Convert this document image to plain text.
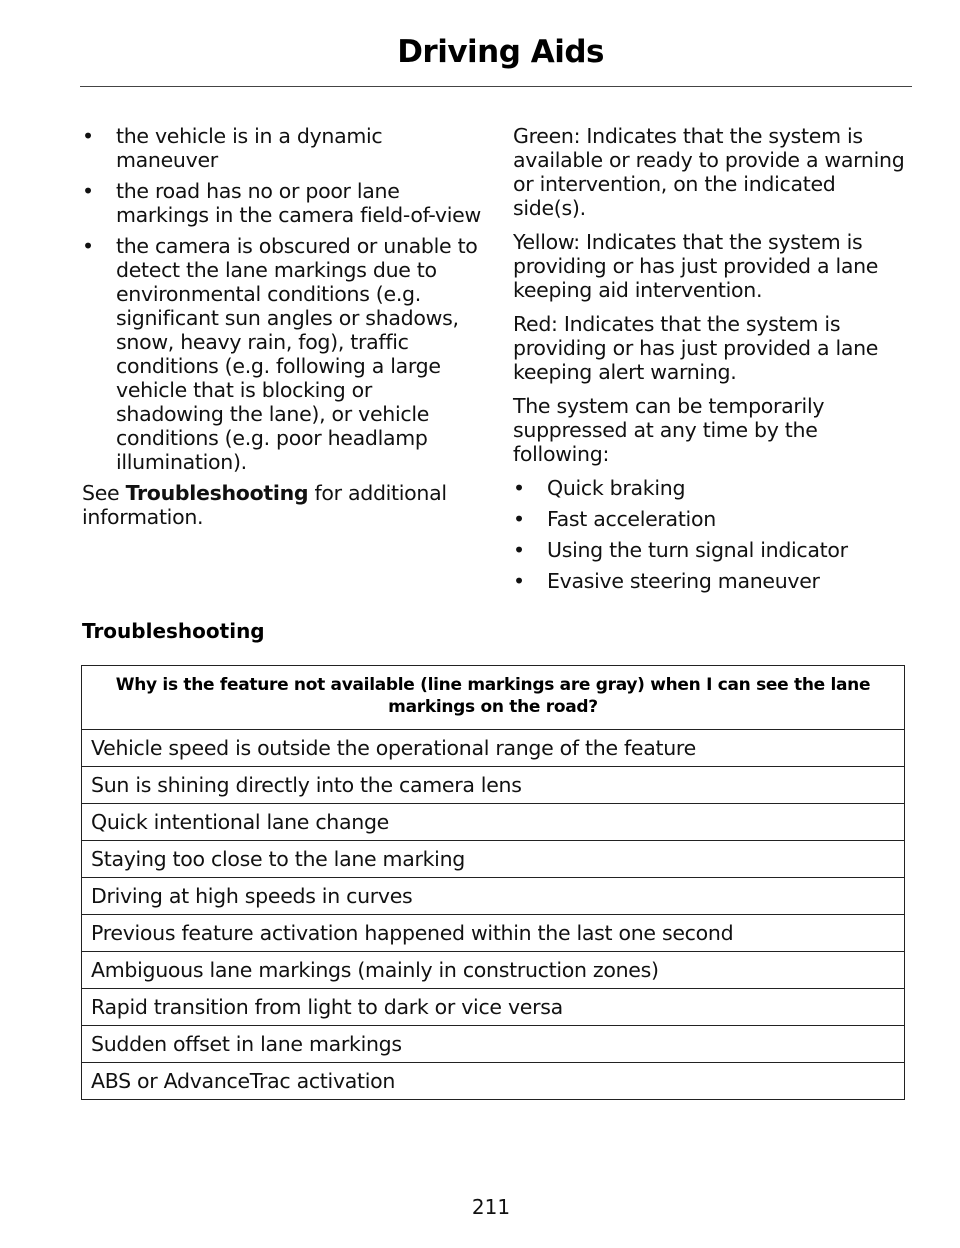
Driving Aids
•	the vehicle is in a dynamic maneuver
•	the road has no or poor lane markings in the camera field-of-view
•	the camera is obscured or unable to detect the lane markings due to environmental conditions (e.g. significant sun angles or shadows, snow, heavy rain, fog), traffic conditions (e.g. following a large vehicle that is blocking or shadowing the lane), or vehicle conditions (e.g. poor headlamp illumination).

See Troubleshooting for additional information.

Green: Indicates that the system is available or ready to provide a warning or intervention, on the indicated side(s).

Yellow: Indicates that the system is providing or has just provided a lane keeping aid intervention.

Red: Indicates that the system is providing or has just provided a lane keeping alert warning.

The system can be temporarily suppressed at any time by the following:

•	Quick braking
•	Fast acceleration
•	Using the turn signal indicator
•	Evasive steering maneuver
Troubleshooting
Why is the feature not available (line markings are gray) when I can see the lane markings on the road?
Vehicle speed is outside the operational range of the feature
Sun is shining directly into the camera lens
Quick intentional lane change
Staying too close to the lane marking
Driving at high speeds in curves
Previous feature activation happened within the last one second
Ambiguous lane markings (mainly in construction zones)
Rapid transition from light to dark or vice versa
Sudden offset in lane markings
ABS or AdvanceTrac activation
211
